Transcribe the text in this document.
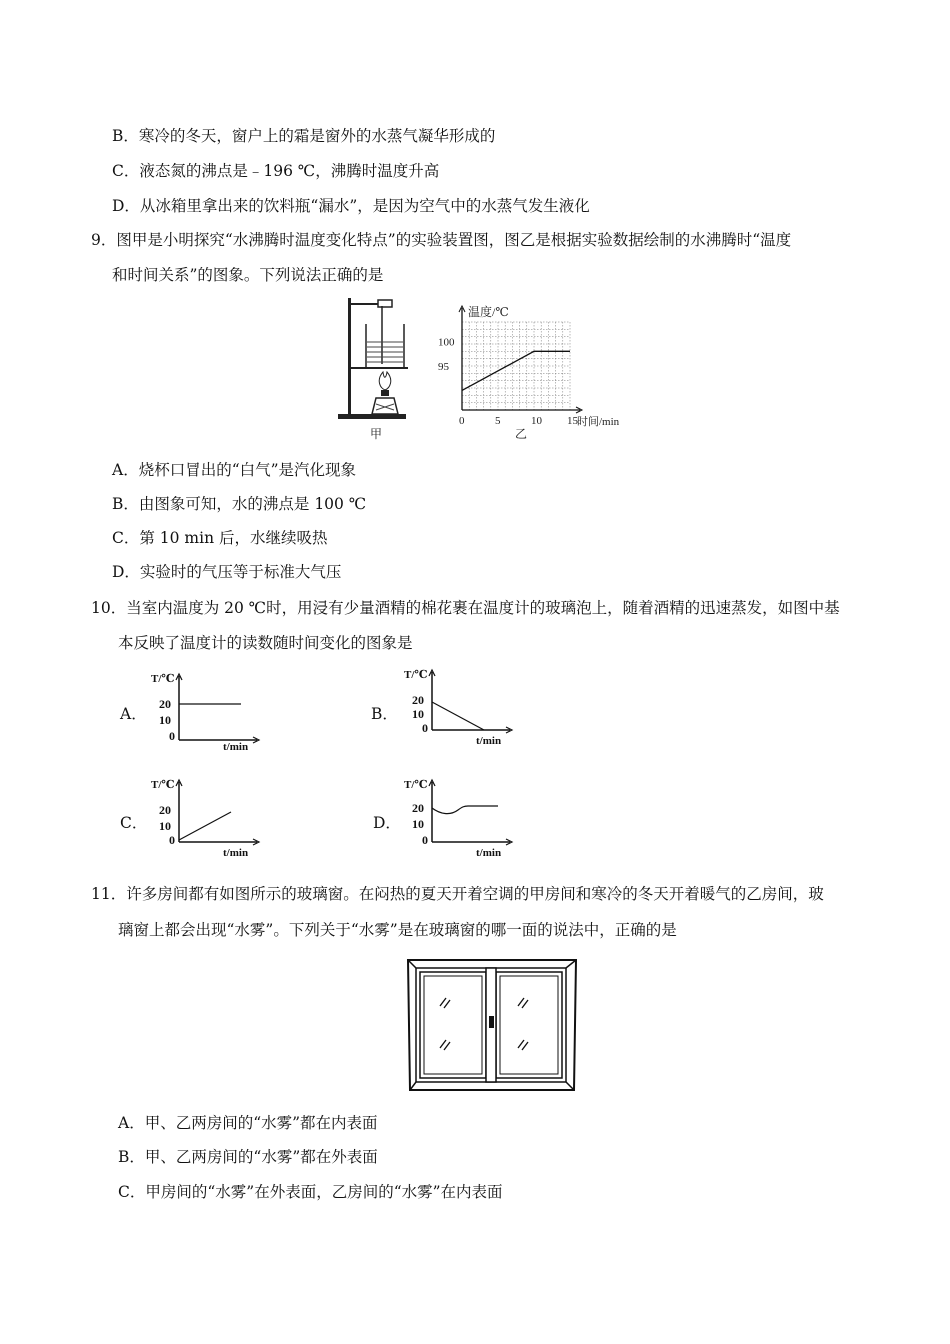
B．寒冷的冬天，窗户上的霜是窗外的水蒸气凝华形成的
C．液态氮的沸点是﹣196 ℃，沸腾时温度升高
D．从冰箱里拿出来的饮料瓶“漏水”，是因为空气中的水蒸气发生液化
9．图甲是小明探究“水沸腾时温度变化特点”的实验装置图，图乙是根据实验数据绘制的水沸腾时“温度
和时间关系”的图象。下列说法正确的是
甲
温度/℃
时间/min
乙
0	5	10 15
95
100
A．烧杯口冒出的“白气”是汽化现象
B．由图象可知，水的沸点是 100 ℃
C．第 10 min 后，水继续吸热
D．实验时的气压等于标准大气压
10．当室内温度为 20 ℃时，用浸有少量酒精的棉花裹在温度计的玻璃泡上，随着酒精的迅速蒸发，如图中基
本反映了温度计的读数随时间变化的图象是
A．
T/℃
20
10
0
t/min
B．
T/℃
20
10
0
t/min
C．
T/℃
20
10
0
t/min
D．
T/℃
20
10
0
t/min
11．许多房间都有如图所示的玻璃窗。在闷热的夏天开着空调的甲房间和寒冷的冬天开着暖气的乙房间，玻
璃窗上都会出现“水雾”。下列关于“水雾”是在玻璃窗的哪一面的说法中，正确的是
A．甲、乙两房间的“水雾”都在内表面
B．甲、乙两房间的“水雾”都在外表面
C．甲房间的“水雾”在外表面，乙房间的“水雾”在内表面
